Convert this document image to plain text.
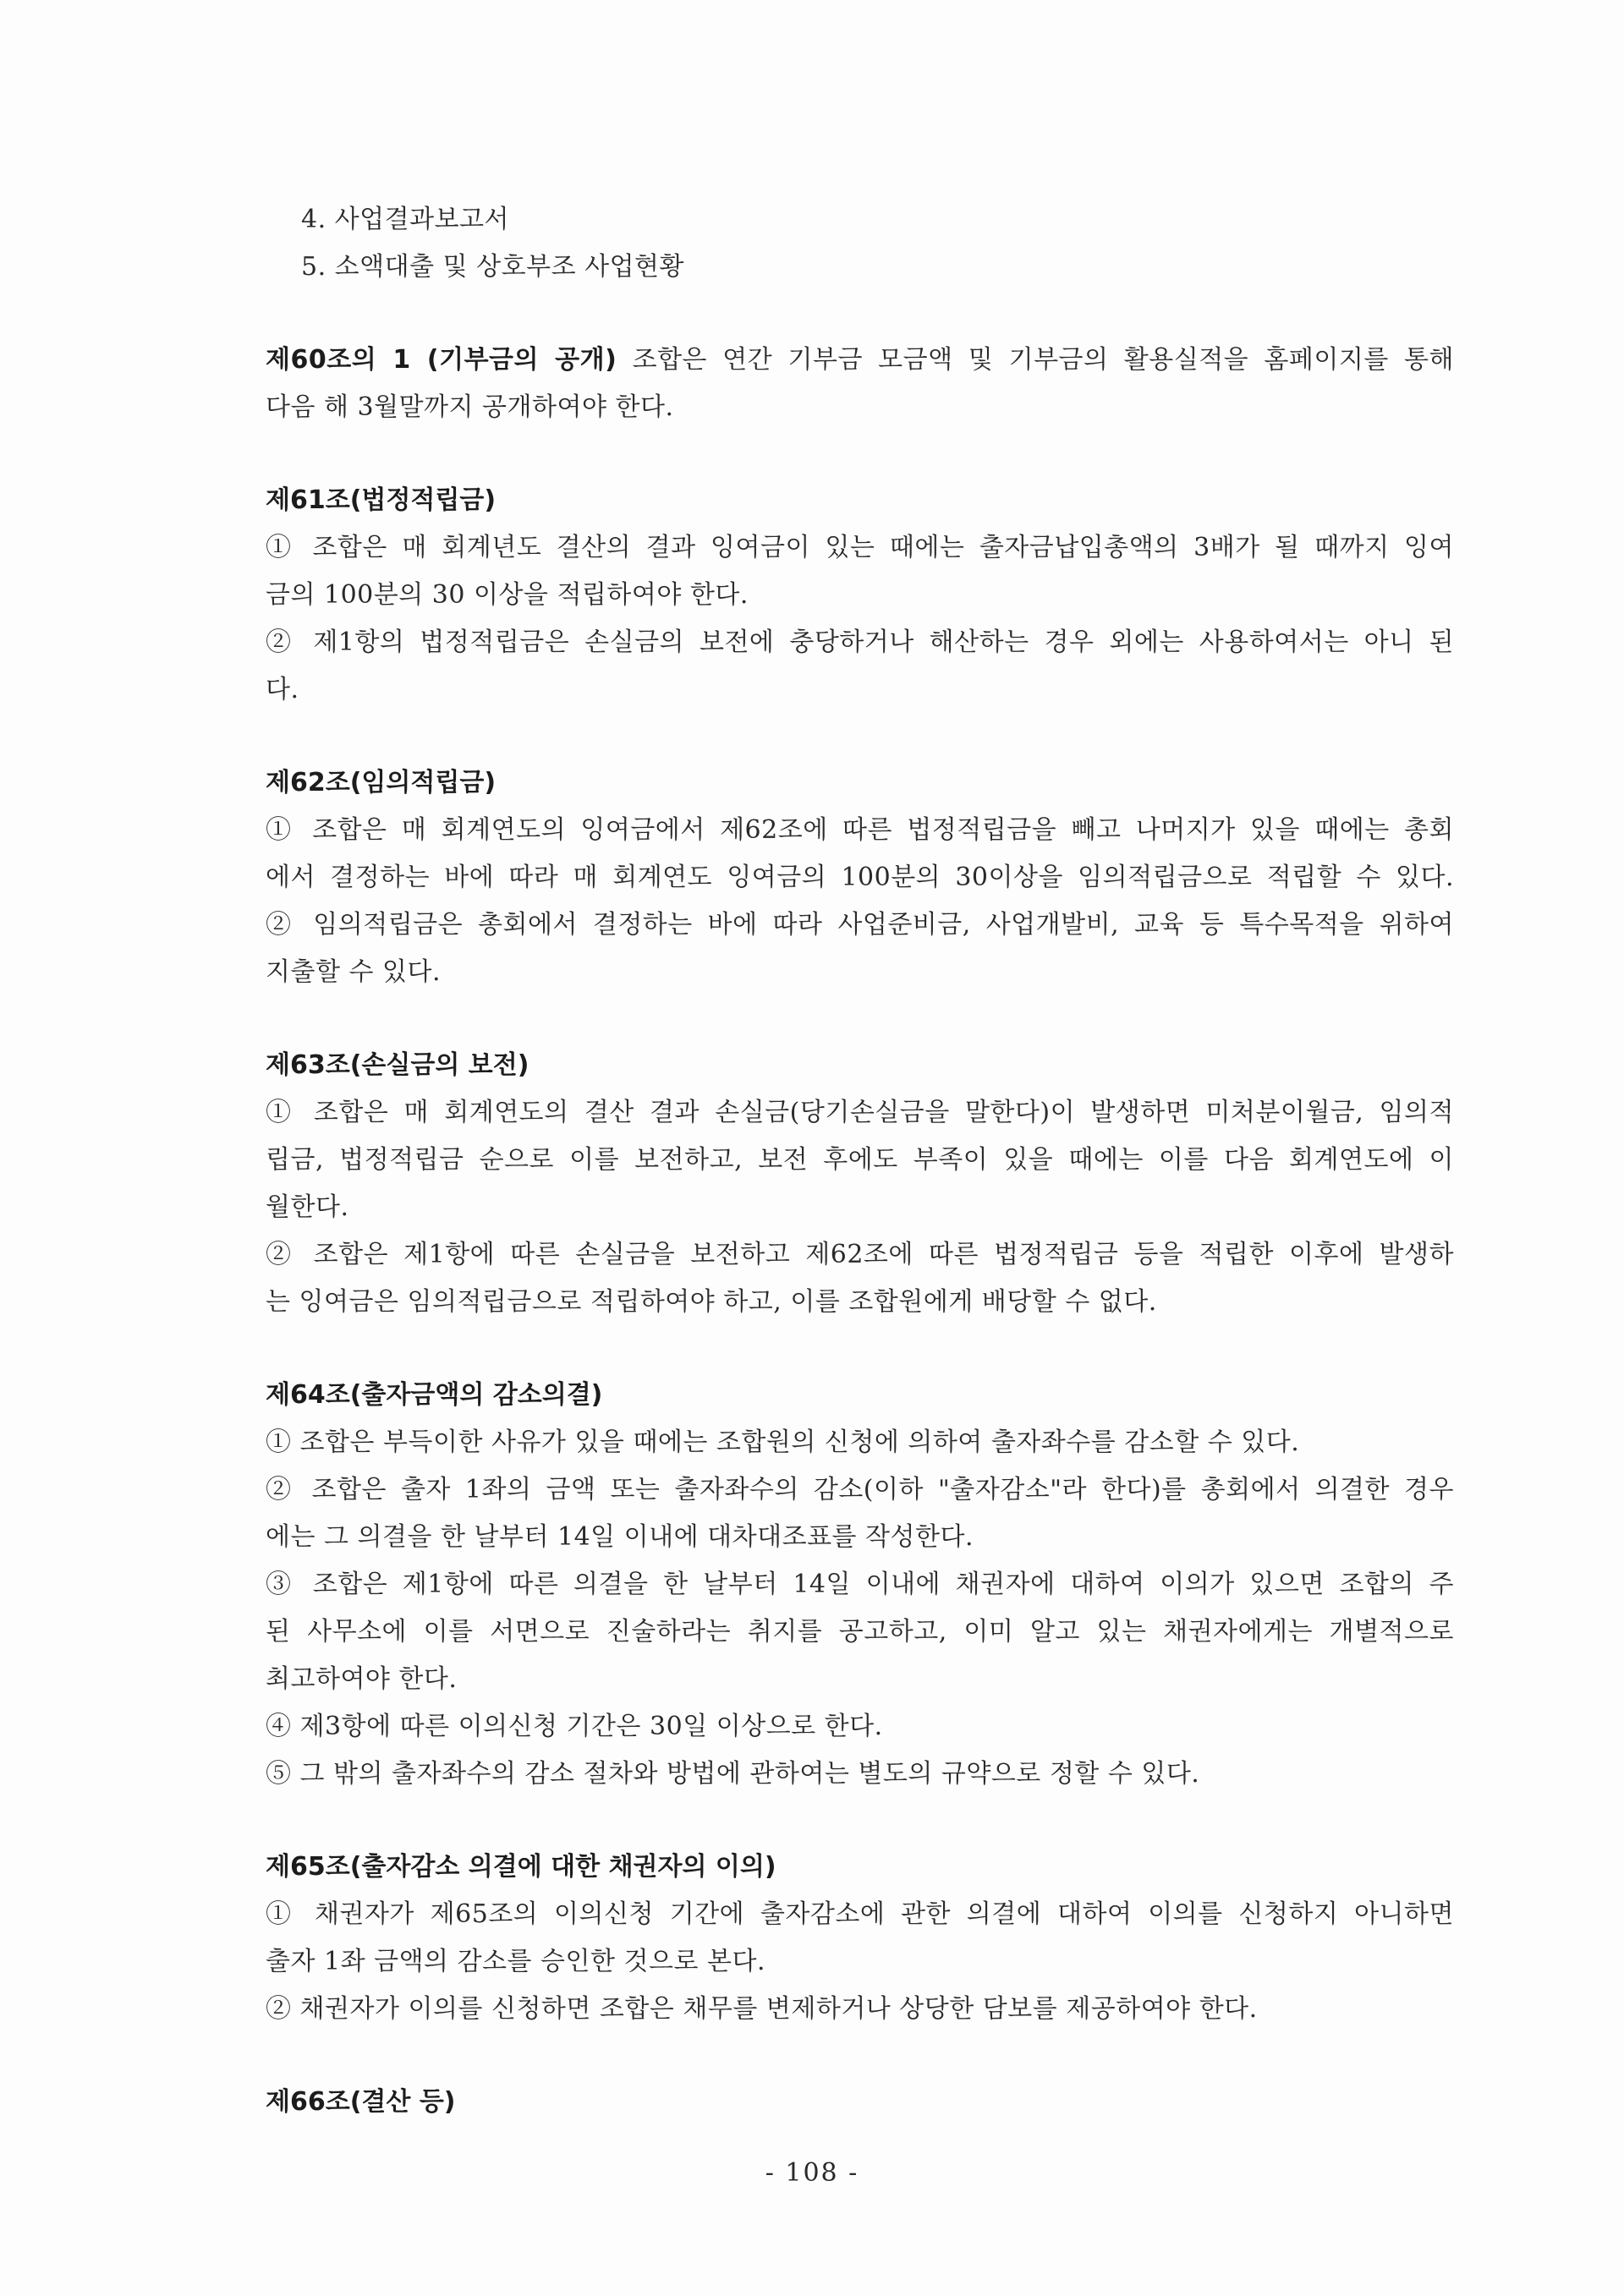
4. 사업결과보고서
5. 소액대출 및 상호부조 사업현황
제60조의 1 (기부금의 공개) 조합은 연간 기부금 모금액 및 기부금의 활용실적을 홈페이지를 통해
다음 해 3월말까지 공개하여야 한다.
제61조(법정적립금)
① 조합은 매 회계년도 결산의 결과 잉여금이 있는 때에는 출자금납입총액의 3배가 될 때까지 잉여
금의 100분의 30 이상을 적립하여야 한다.
② 제1항의 법정적립금은 손실금의 보전에 충당하거나 해산하는 경우 외에는 사용하여서는 아니 된
다.
제62조(임의적립금)
① 조합은 매 회계연도의 잉여금에서 제62조에 따른 법정적립금을 빼고 나머지가 있을 때에는 총회
에서 결정하는 바에 따라 매 회계연도 잉여금의 100분의 30이상을 임의적립금으로 적립할 수 있다.
② 임의적립금은 총회에서 결정하는 바에 따라 사업준비금, 사업개발비, 교육 등 특수목적을 위하여
지출할 수 있다.
제63조(손실금의 보전)
① 조합은 매 회계연도의 결산 결과 손실금(당기손실금을 말한다)이 발생하면 미처분이월금, 임의적
립금, 법정적립금 순으로 이를 보전하고, 보전 후에도 부족이 있을 때에는 이를 다음 회계연도에 이
월한다.
② 조합은 제1항에 따른 손실금을 보전하고 제62조에 따른 법정적립금 등을 적립한 이후에 발생하
는 잉여금은 임의적립금으로 적립하여야 하고, 이를 조합원에게 배당할 수 없다.
제64조(출자금액의 감소의결)
① 조합은 부득이한 사유가 있을 때에는 조합원의 신청에 의하여 출자좌수를 감소할 수 있다.
② 조합은 출자 1좌의 금액 또는 출자좌수의 감소(이하 "출자감소"라 한다)를 총회에서 의결한 경우
에는 그 의결을 한 날부터 14일 이내에 대차대조표를 작성한다.
③ 조합은 제1항에 따른 의결을 한 날부터 14일 이내에 채권자에 대하여 이의가 있으면 조합의 주
된 사무소에 이를 서면으로 진술하라는 취지를 공고하고, 이미 알고 있는 채권자에게는 개별적으로
최고하여야 한다.
④ 제3항에 따른 이의신청 기간은 30일 이상으로 한다.
⑤ 그 밖의 출자좌수의 감소 절차와 방법에 관하여는 별도의 규약으로 정할 수 있다.
제65조(출자감소 의결에 대한 채권자의 이의)
① 채권자가 제65조의 이의신청 기간에 출자감소에 관한 의결에 대하여 이의를 신청하지 아니하면
출자 1좌 금액의 감소를 승인한 것으로 본다.
② 채권자가 이의를 신청하면 조합은 채무를 변제하거나 상당한 담보를 제공하여야 한다.
제66조(결산 등)
- 108 -
